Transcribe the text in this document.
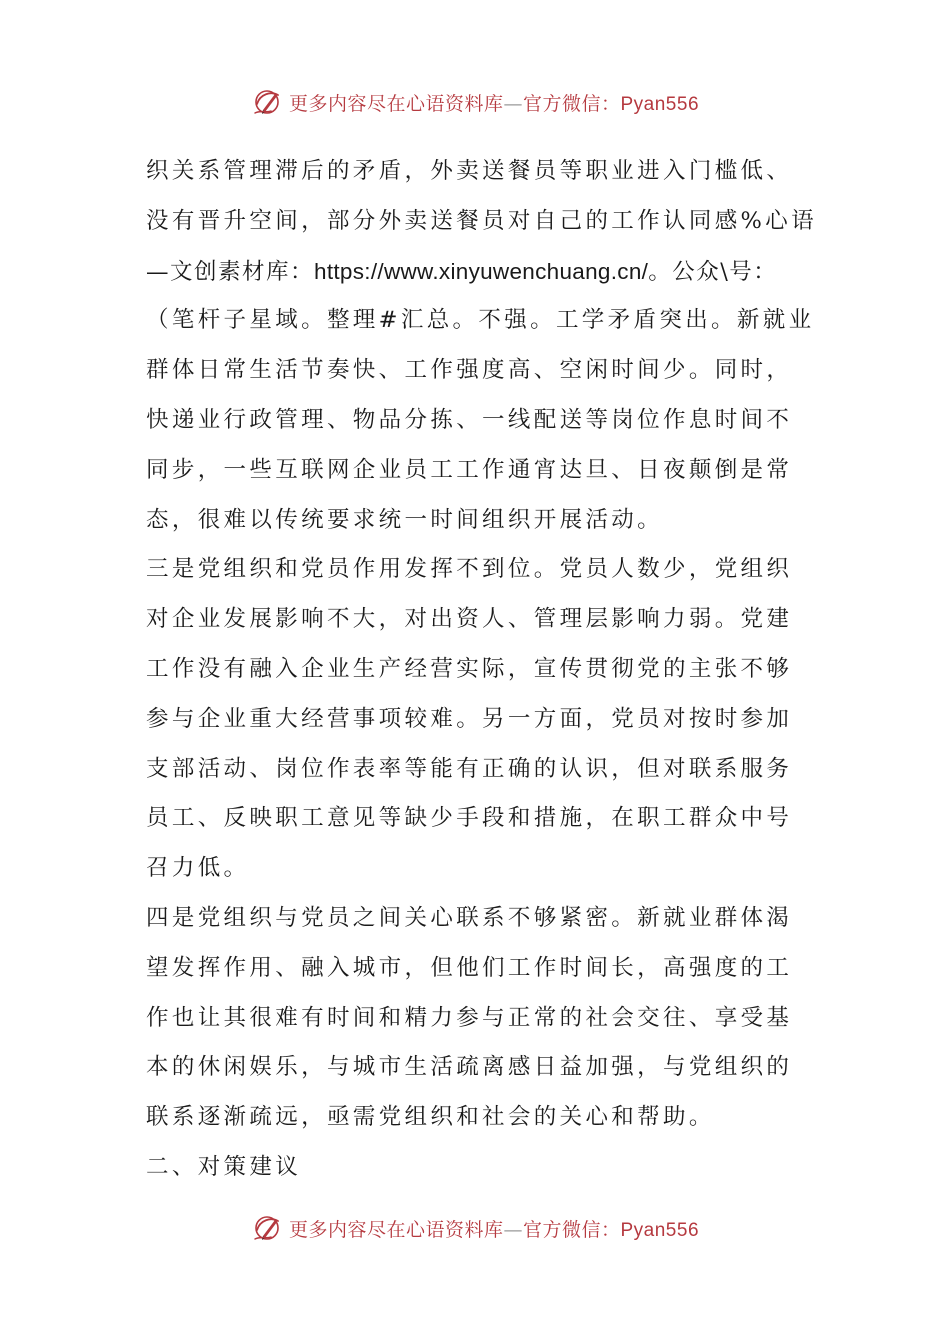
更多内容尽在心语资料库—官方微信：Pyan556
织关系管理滞后的矛盾，外卖送餐员等职业进入门槛低、
没有晋升空间，部分外卖送餐员对自己的工作认同感%心语
—文创素材库：https://www.xinyuwenchuang.cn/。公众\号：
（笔杆子星域。整理#汇总。不强。工学矛盾突出。新就业
群体日常生活节奏快、工作强度高、空闲时间少。同时，
快递业行政管理、物品分拣、一线配送等岗位作息时间不
同步，一些互联网企业员工工作通宵达旦、日夜颠倒是常
态，很难以传统要求统一时间组织开展活动。
三是党组织和党员作用发挥不到位。党员人数少，党组织
对企业发展影响不大，对出资人、管理层影响力弱。党建
工作没有融入企业生产经营实际，宣传贯彻党的主张不够
参与企业重大经营事项较难。另一方面，党员对按时参加
支部活动、岗位作表率等能有正确的认识，但对联系服务
员工、反映职工意见等缺少手段和措施，在职工群众中号
召力低。
四是党组织与党员之间关心联系不够紧密。新就业群体渴
望发挥作用、融入城市，但他们工作时间长，高强度的工
作也让其很难有时间和精力参与正常的社会交往、享受基
本的休闲娱乐，与城市生活疏离感日益加强，与党组织的
联系逐渐疏远，亟需党组织和社会的关心和帮助。
二、对策建议
更多内容尽在心语资料库—官方微信：Pyan556
